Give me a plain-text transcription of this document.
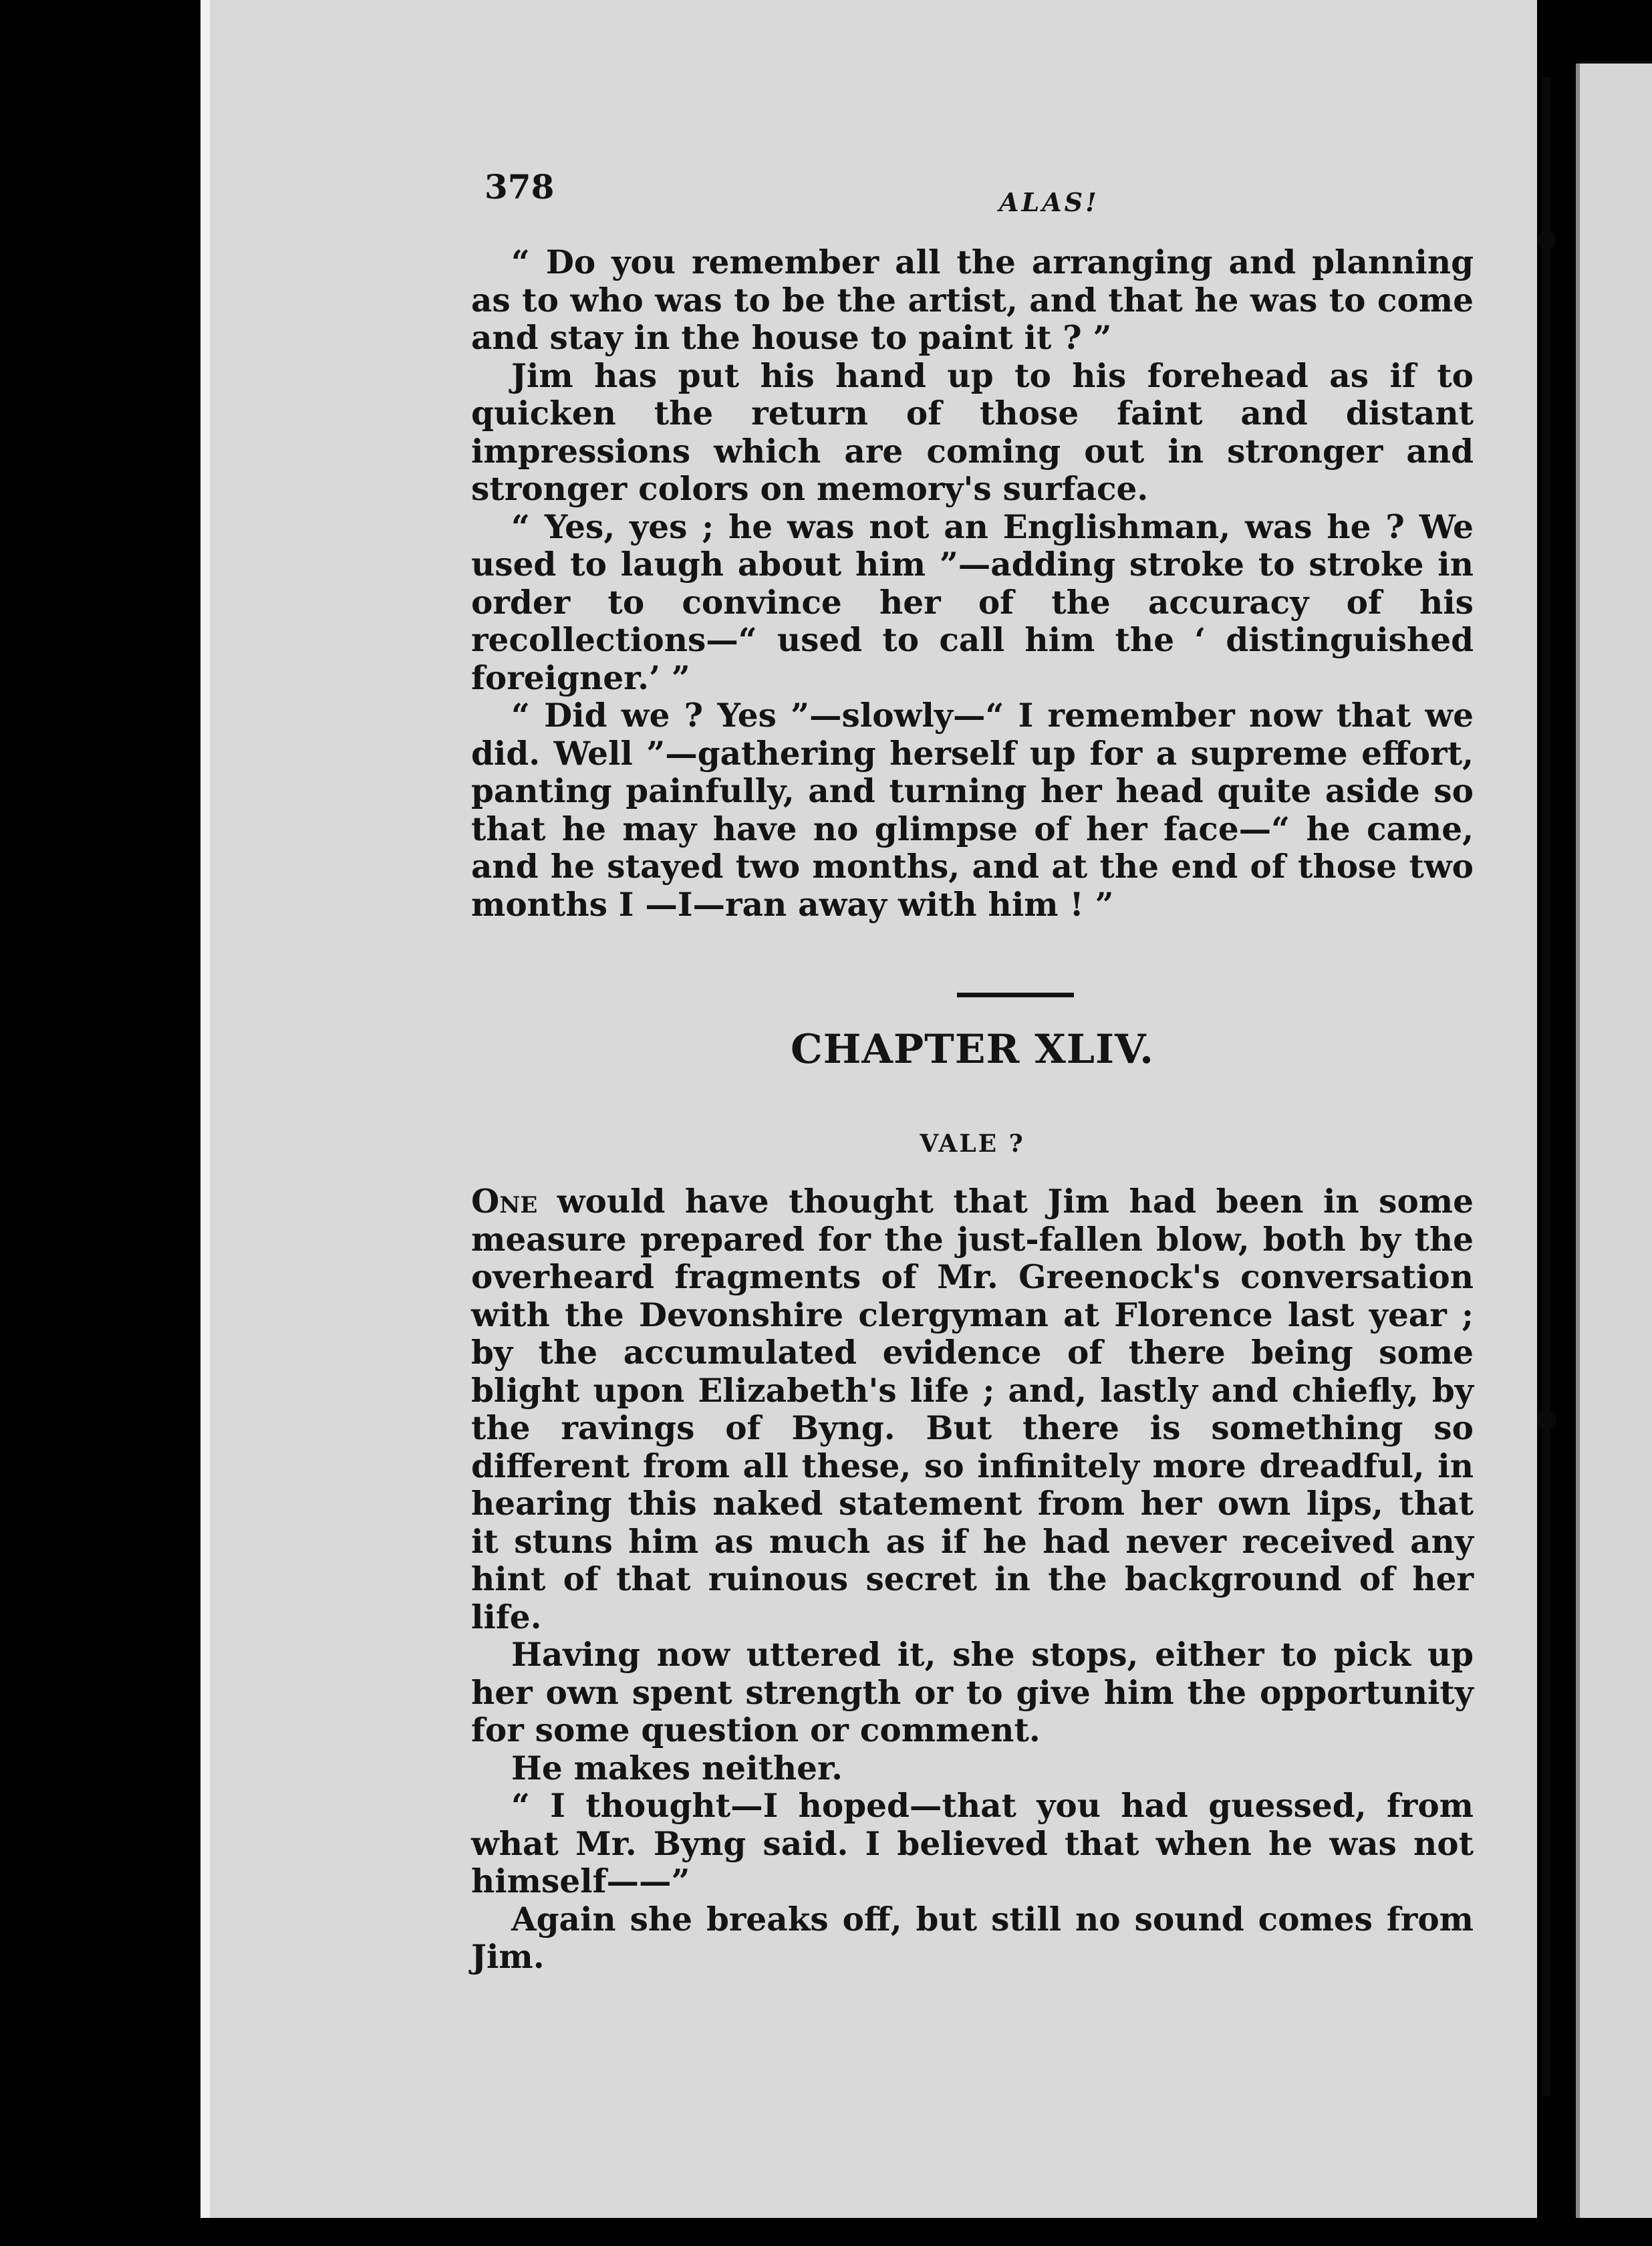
378	ALAS!

“ Do you remember all the arranging and planning as to who was to be the artist, and that he was to come and stay in the house to paint it ? ”

Jim has put his hand up to his forehead as if to quicken the return of those faint and distant impressions which are coming out in stronger and stronger colors on memory's surface.

“ Yes, yes ; he was not an Englishman, was he ? We used to laugh about him ”—adding stroke to stroke in order to convince her of the accuracy of his recollections—“ used to call him the ‘ distinguished foreigner.’ ”

“ Did we ? Yes ”—slowly—“ I remember now that we did. Well ”—gathering herself up for a supreme effort, panting painfully, and turning her head quite aside so that he may have no glimpse of her face—“ he came, and he stayed two months, and at the end of those two months I —I—ran away with him ! ”

CHAPTER XLIV.
VALE ?

One would have thought that Jim had been in some measure prepared for the just-fallen blow, both by the overheard fragments of Mr. Greenock's conversation with the Devonshire clergyman at Florence last year ; by the accumulated evidence of there being some blight upon Elizabeth's life ; and, lastly and chiefly, by the ravings of Byng. But there is something so different from all these, so infinitely more dreadful, in hearing this naked statement from her own lips, that it stuns him as much as if he had never received any hint of that ruinous secret in the background of her life.

Having now uttered it, she stops, either to pick up her own spent strength or to give him the opportunity for some question or comment.

He makes neither.

“ I thought—I hoped—that you had guessed, from what Mr. Byng said. I believed that when he was not himself——”

Again she breaks off, but still no sound comes from Jim.
